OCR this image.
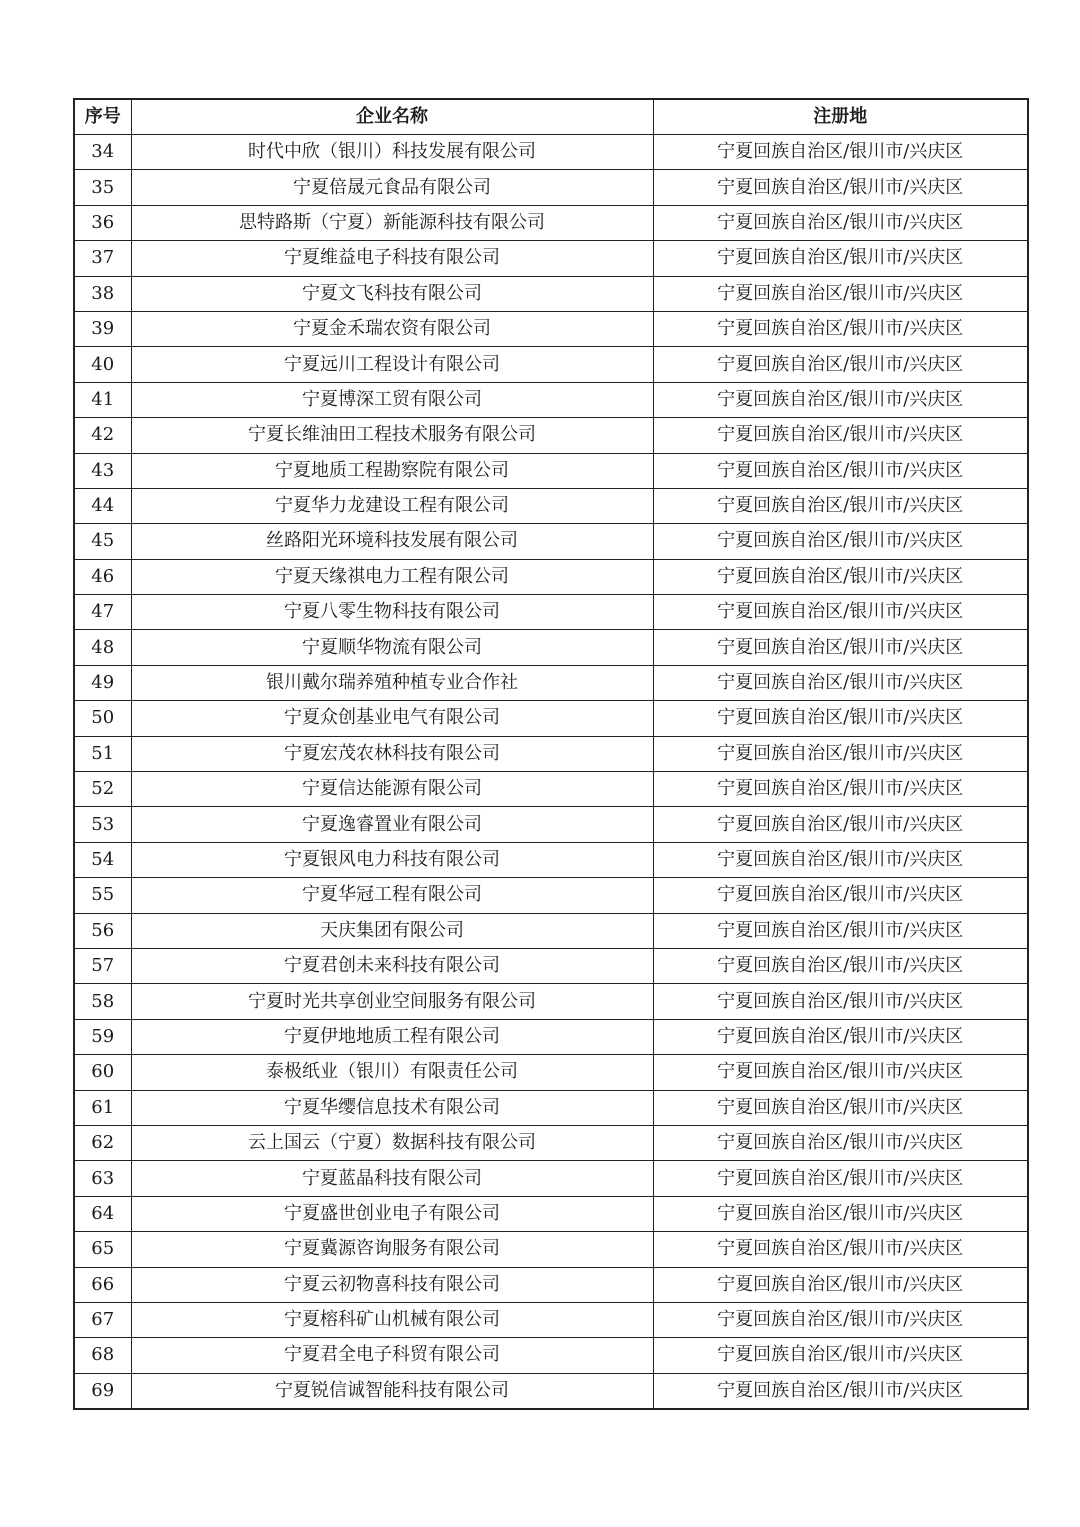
序号	企业名称	注册地
34	时代中欣（银川）科技发展有限公司	宁夏回族自治区/银川市/兴庆区
35	宁夏倍晟元食品有限公司	宁夏回族自治区/银川市/兴庆区
36	思特路斯（宁夏）新能源科技有限公司	宁夏回族自治区/银川市/兴庆区
37	宁夏维益电子科技有限公司	宁夏回族自治区/银川市/兴庆区
38	宁夏文飞科技有限公司	宁夏回族自治区/银川市/兴庆区
39	宁夏金禾瑞农资有限公司	宁夏回族自治区/银川市/兴庆区
40	宁夏远川工程设计有限公司	宁夏回族自治区/银川市/兴庆区
41	宁夏博深工贸有限公司	宁夏回族自治区/银川市/兴庆区
42	宁夏长维油田工程技术服务有限公司	宁夏回族自治区/银川市/兴庆区
43	宁夏地质工程勘察院有限公司	宁夏回族自治区/银川市/兴庆区
44	宁夏华力龙建设工程有限公司	宁夏回族自治区/银川市/兴庆区
45	丝路阳光环境科技发展有限公司	宁夏回族自治区/银川市/兴庆区
46	宁夏天缘祺电力工程有限公司	宁夏回族自治区/银川市/兴庆区
47	宁夏八零生物科技有限公司	宁夏回族自治区/银川市/兴庆区
48	宁夏顺华物流有限公司	宁夏回族自治区/银川市/兴庆区
49	银川戴尔瑞养殖种植专业合作社	宁夏回族自治区/银川市/兴庆区
50	宁夏众创基业电气有限公司	宁夏回族自治区/银川市/兴庆区
51	宁夏宏茂农林科技有限公司	宁夏回族自治区/银川市/兴庆区
52	宁夏信达能源有限公司	宁夏回族自治区/银川市/兴庆区
53	宁夏逸睿置业有限公司	宁夏回族自治区/银川市/兴庆区
54	宁夏银风电力科技有限公司	宁夏回族自治区/银川市/兴庆区
55	宁夏华冠工程有限公司	宁夏回族自治区/银川市/兴庆区
56	天庆集团有限公司	宁夏回族自治区/银川市/兴庆区
57	宁夏君创未来科技有限公司	宁夏回族自治区/银川市/兴庆区
58	宁夏时光共享创业空间服务有限公司	宁夏回族自治区/银川市/兴庆区
59	宁夏伊地地质工程有限公司	宁夏回族自治区/银川市/兴庆区
60	泰极纸业（银川）有限责任公司	宁夏回族自治区/银川市/兴庆区
61	宁夏华缨信息技术有限公司	宁夏回族自治区/银川市/兴庆区
62	云上国云（宁夏）数据科技有限公司	宁夏回族自治区/银川市/兴庆区
63	宁夏蓝晶科技有限公司	宁夏回族自治区/银川市/兴庆区
64	宁夏盛世创业电子有限公司	宁夏回族自治区/银川市/兴庆区
65	宁夏冀源咨询服务有限公司	宁夏回族自治区/银川市/兴庆区
66	宁夏云初物喜科技有限公司	宁夏回族自治区/银川市/兴庆区
67	宁夏榕科矿山机械有限公司	宁夏回族自治区/银川市/兴庆区
68	宁夏君全电子科贸有限公司	宁夏回族自治区/银川市/兴庆区
69	宁夏锐信诚智能科技有限公司	宁夏回族自治区/银川市/兴庆区
